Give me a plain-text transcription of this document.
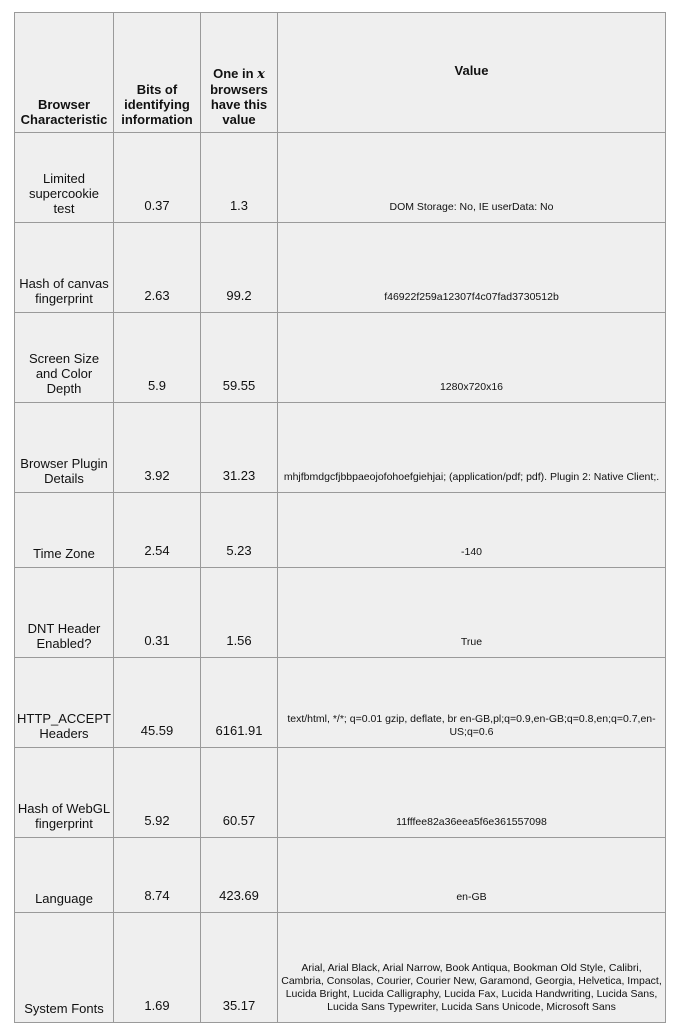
Browser Characteristic	Bits of identifying information	One in x browsers have this value	Value
Limited supercookie test	0.37	1.3	DOM Storage: No, IE userData: No
Hash of canvas fingerprint	2.63	99.2	f46922f259a12307f4c07fad3730512b
Screen Size and Color Depth	5.9	59.55	1280x720x16
Browser Plugin Details	3.92	31.23	mhjfbmdgcfjbbpaeojofohoefgiehjai; (application/pdf; pdf). Plugin 2: Native Client;.
Time Zone	2.54	5.23	-140
DNT Header Enabled?	0.31	1.56	True
HTTP_ACCEPT Headers	45.59	6161.91	text/html, */*; q=0.01 gzip, deflate, br en-GB,pl;q=0.9,en-GB;q=0.8,en;q=0.7,en-US;q=0.6
Hash of WebGL fingerprint	5.92	60.57	11fffee82a36eea5f6e361557098
Language	8.74	423.69	en-GB
System Fonts	1.69	35.17	Arial, Arial Black, Arial Narrow, Book Antiqua, Bookman Old Style, Calibri, Cambria, Consolas, Courier, Courier New, Garamond, Georgia, Helvetica, Impact, Lucida Bright, Lucida Calligraphy, Lucida Fax, Lucida Handwriting, Lucida Sans, Lucida Sans Typewriter, Lucida Sans Unicode, Microsoft Sans
